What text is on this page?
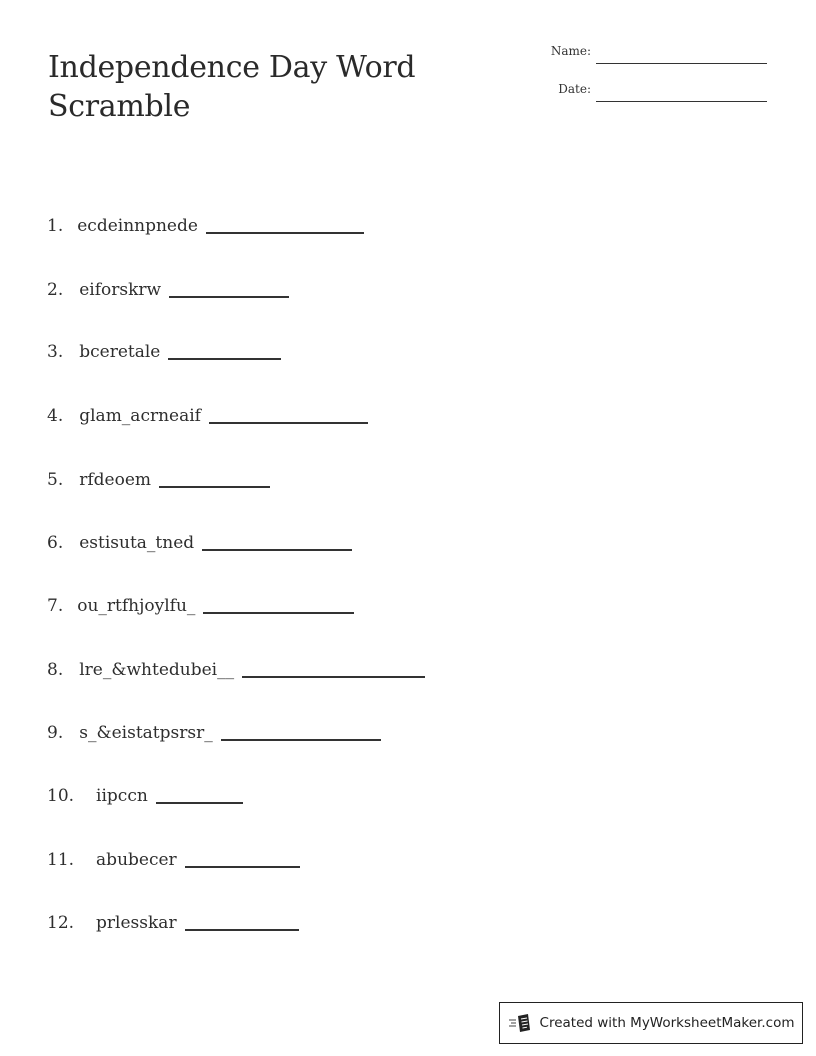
Independence Day Word Scramble
Name:
Date:
1. ecdeinnpnede
2. eiforskrw
3. bceretale
4. glam_acrneaif
5. rfdeoem
6. estisuta_tned
7. ou_rtfhjoylfu_
8. lre_&whtedubei__
9. s_&eistatpsrsr_
10. iipccn
11. abubecer
12. prlesskar
Created with MyWorksheetMaker.com
